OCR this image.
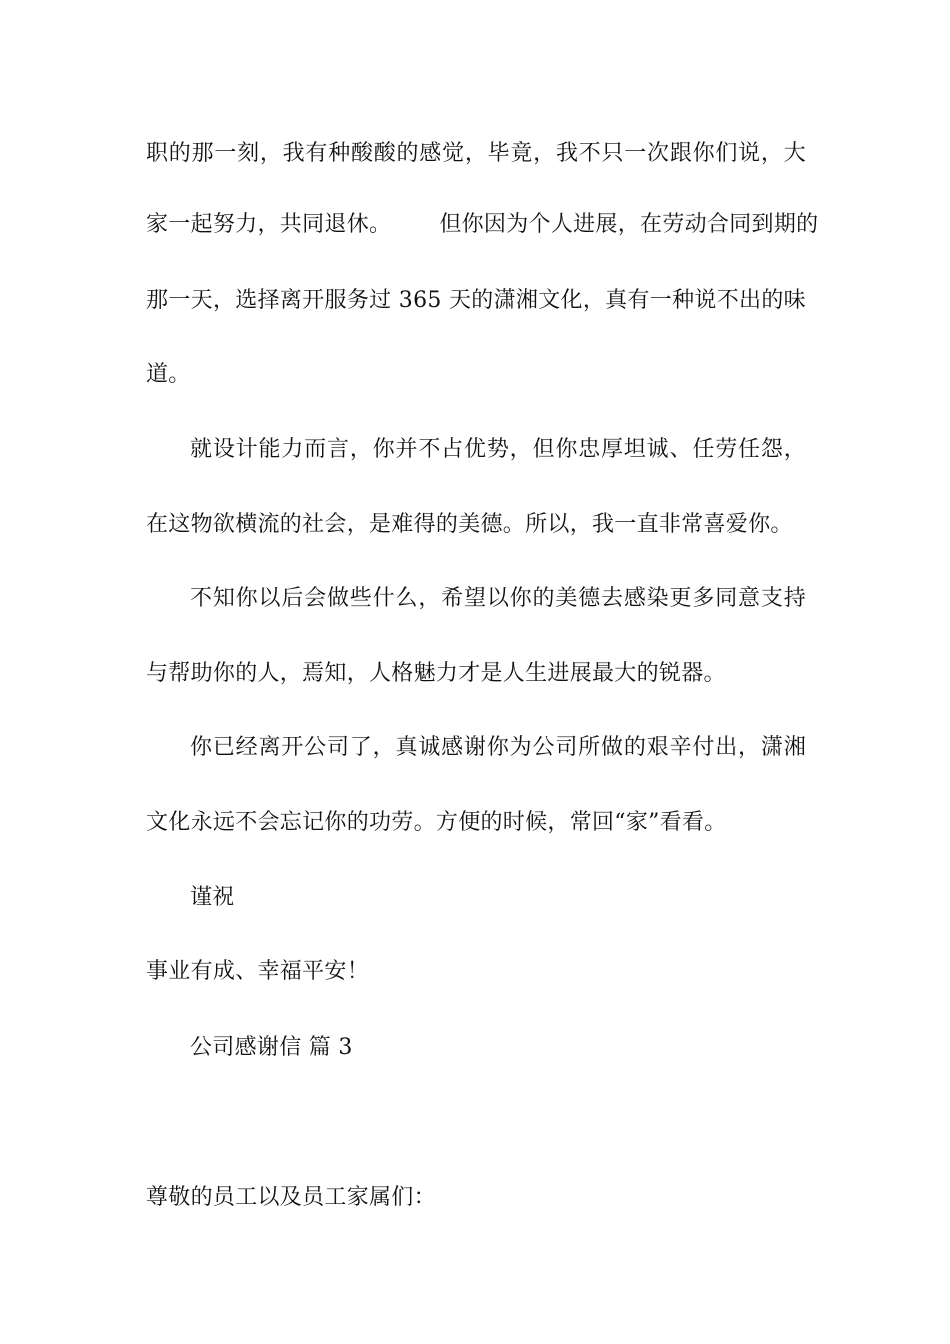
职的那一刻，我有种酸酸的感觉，毕竟，我不只一次跟你们说，大
家一起努力，共同退休。 但你因为个人进展，在劳动合同到期的
那一天，选择离开服务过 365 天的潇湘文化，真有一种说不出的味
道。
就设计能力而言，你并不占优势，但你忠厚坦诚、任劳任怨，
在这物欲横流的社会，是难得的美德。所以，我一直非常喜爱你。
不知你以后会做些什么，希望以你的美德去感染更多同意支持
与帮助你的人，焉知，人格魅力才是人生进展最大的锐器。
你已经离开公司了，真诚感谢你为公司所做的艰辛付出，潇湘
文化永远不会忘记你的功劳。方便的时候，常回“家”看看。
谨祝
事业有成、幸福平安！
公司感谢信 篇 3
尊敬的员工以及员工家属们：
